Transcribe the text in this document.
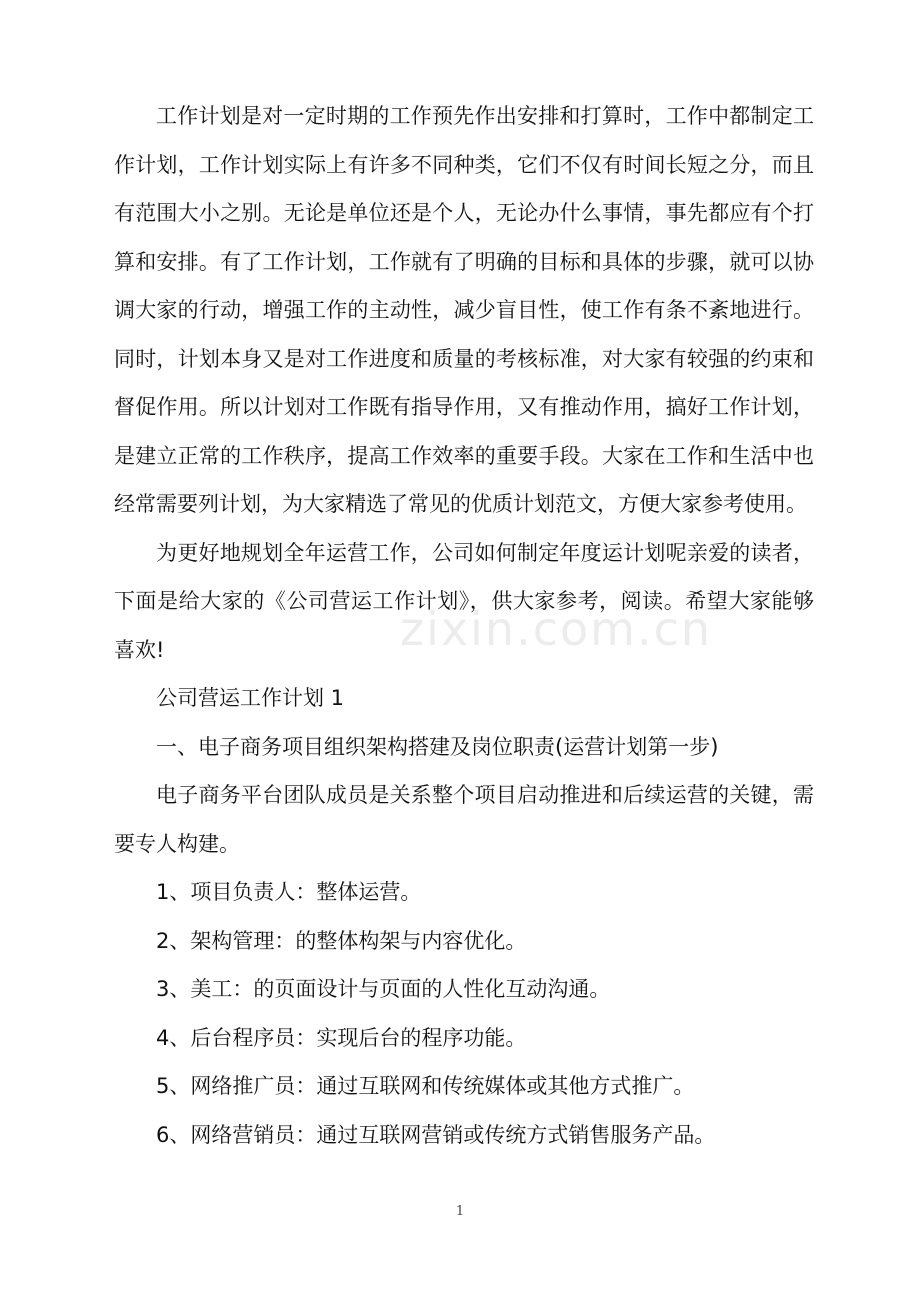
工作计划是对一定时期的工作预先作出安排和打算时，工作中都制定工作计划，工作计划实际上有许多不同种类，它们不仅有时间长短之分，而且有范围大小之别。无论是单位还是个人，无论办什么事情，事先都应有个打算和安排。有了工作计划，工作就有了明确的目标和具体的步骤，就可以协调大家的行动，增强工作的主动性，减少盲目性，使工作有条不紊地进行。同时，计划本身又是对工作进度和质量的考核标准，对大家有较强的约束和督促作用。所以计划对工作既有指导作用，又有推动作用，搞好工作计划，是建立正常的工作秩序，提高工作效率的重要手段。大家在工作和生活中也经常需要列计划，为大家精选了常见的优质计划范文，方便大家参考使用。

为更好地规划全年运营工作，公司如何制定年度运计划呢亲爱的读者，下面是给大家的《公司营运工作计划》，供大家参考，阅读。希望大家能够喜欢!

公司营运工作计划 1

一、电子商务项目组织架构搭建及岗位职责(运营计划第一步)

电子商务平台团队成员是关系整个项目启动推进和后续运营的关键，需要专人构建。

1、项目负责人：整体运营。

2、架构管理：的整体构架与内容优化。

3、美工：的页面设计与页面的人性化互动沟通。

4、后台程序员：实现后台的程序功能。

5、网络推广员：通过互联网和传统媒体或其他方式推广。

6、网络营销员：通过互联网营销或传统方式销售服务产品。

zixin.com.cn
1
